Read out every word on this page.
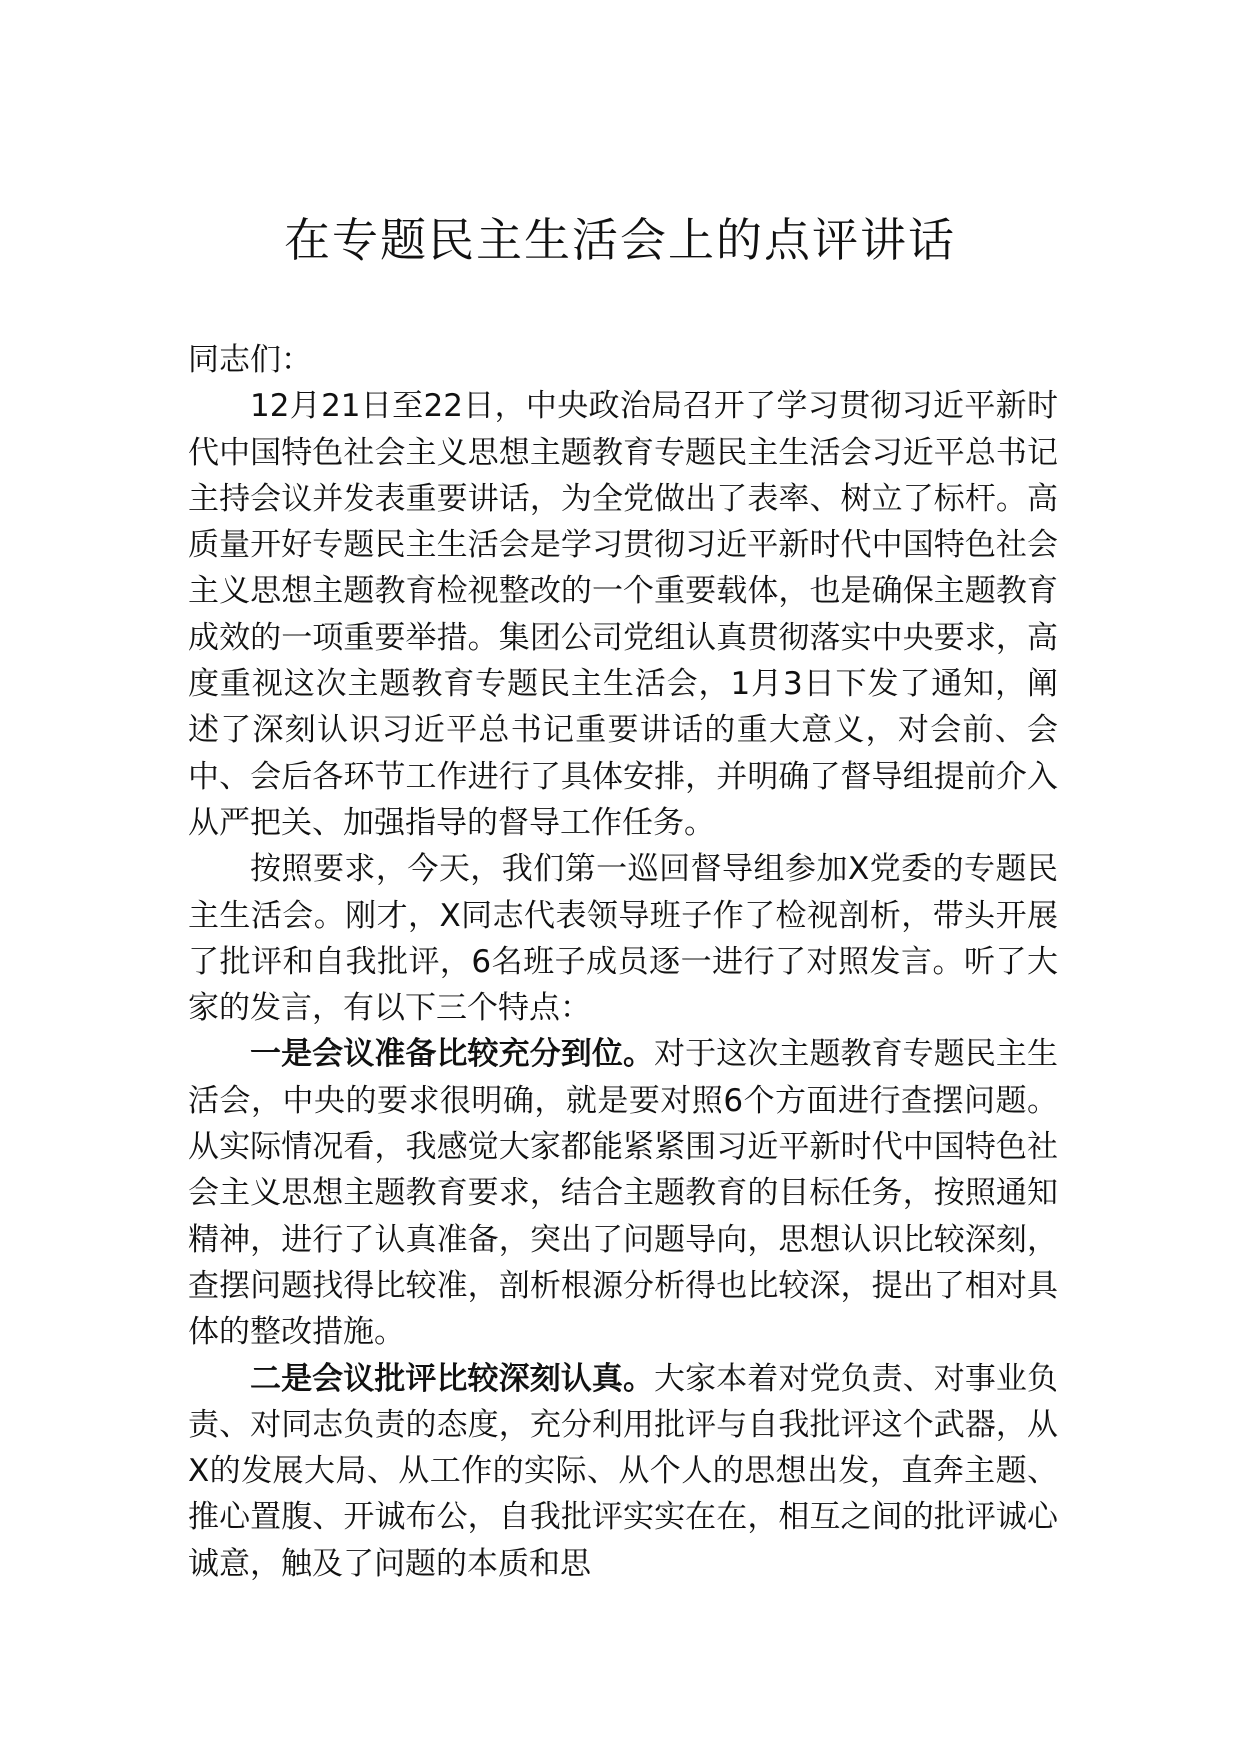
在专题民主生活会上的点评讲话

同志们：

12月21日至22日，中央政治局召开了学习贯彻习近平新时代中国特色社会主义思想主题教育专题民主生活会习近平总书记主持会议并发表重要讲话，为全党做出了表率、树立了标杆。高质量开好专题民主生活会是学习贯彻习近平新时代中国特色社会主义思想主题教育检视整改的一个重要载体，也是确保主题教育成效的一项重要举措。集团公司党组认真贯彻落实中央要求，高度重视这次主题教育专题民主生活会，1月3日下发了通知，阐述了深刻认识习近平总书记重要讲话的重大意义，对会前、会中、会后各环节工作进行了具体安排，并明确了督导组提前介入从严把关、加强指导的督导工作任务。

按照要求，今天，我们第一巡回督导组参加X党委的专题民主生活会。刚才，X同志代表领导班子作了检视剖析，带头开展了批评和自我批评，6名班子成员逐一进行了对照发言。听了大家的发言，有以下三个特点：

一是会议准备比较充分到位。对于这次主题教育专题民主生活会，中央的要求很明确，就是要对照6个方面进行查摆问题。从实际情况看，我感觉大家都能紧紧围习近平新时代中国特色社会主义思想主题教育要求，结合主题教育的目标任务，按照通知精神，进行了认真准备，突出了问题导向，思想认识比较深刻，查摆问题找得比较准，剖析根源分析得也比较深，提出了相对具体的整改措施。

二是会议批评比较深刻认真。大家本着对党负责、对事业负责、对同志负责的态度，充分利用批评与自我批评这个武器，从X的发展大局、从工作的实际、从个人的思想出发，直奔主题、推心置腹、开诚布公，自我批评实实在在，相互之间的批评诚心诚意，触及了问题的本质和思
